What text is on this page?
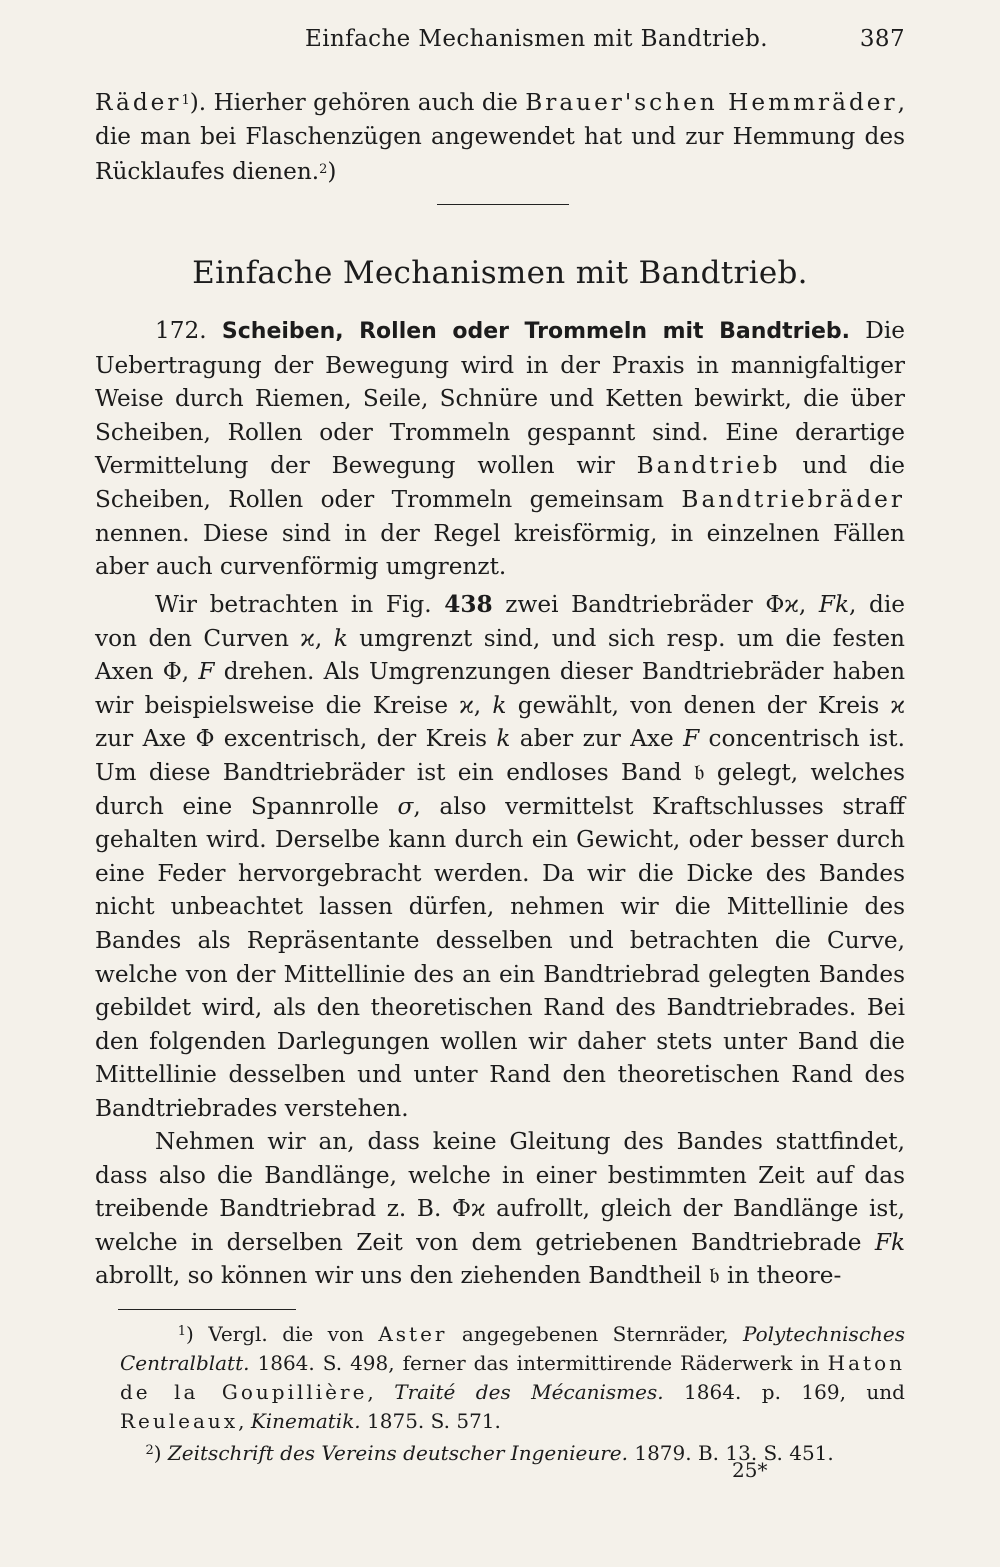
Einfache Mechanismen mit Bandtrieb.	387
Räder$^1$). Hierher gehören auch die Brauer'schen Hemmräder, die man bei Flaschenzügen angewendet hat und zur Hemmung des Rücklaufes dienen.$^2$)
Einfache Mechanismen mit Bandtrieb.
172. Scheiben, Rollen oder Trommeln mit Bandtrieb. Die Uebertragung der Bewegung wird in der Praxis in mannigfaltiger Weise durch Riemen, Seile, Schnüre und Ketten bewirkt, die über Scheiben, Rollen oder Trommeln gespannt sind. Eine derartige Vermittelung der Bewegung wollen wir Bandtrieb und die Scheiben, Rollen oder Trommeln gemeinsam Bandtriebräder nennen. Diese sind in der Regel kreisförmig, in einzelnen Fällen aber auch curvenförmig umgrenzt.
Wir betrachten in Fig. 438 zwei Bandtriebräder Φϰ, Fk, die von den Curven ϰ, k umgrenzt sind, und sich resp. um die festen Axen Φ, F drehen. Als Umgrenzungen dieser Bandtriebräder haben wir beispielsweise die Kreise ϰ, k gewählt, von denen der Kreis ϰ zur Axe Φ excentrisch, der Kreis k aber zur Axe F concentrisch ist. Um diese Bandtriebräder ist ein endloses Band 𝔟 gelegt, welches durch eine Spannrolle σ, also vermittelst Kraftschlusses straff gehalten wird. Derselbe kann durch ein Gewicht, oder besser durch eine Feder hervorgebracht werden. Da wir die Dicke des Bandes nicht unbeachtet lassen dürfen, nehmen wir die Mittellinie des Bandes als Repräsentante desselben und betrachten die Curve, welche von der Mittellinie des an ein Bandtriebrad gelegten Bandes gebildet wird, als den theoretischen Rand des Bandtriebrades. Bei den folgenden Darlegungen wollen wir daher stets unter Band die Mittellinie desselben und unter Rand den theoretischen Rand des Bandtriebrades verstehen.
Nehmen wir an, dass keine Gleitung des Bandes stattfindet, dass also die Bandlänge, welche in einer bestimmten Zeit auf das treibende Bandtriebrad z. B. Φϰ aufrollt, gleich der Bandlänge ist, welche in derselben Zeit von dem getriebenen Bandtriebrade Fk abrollt, so können wir uns den ziehenden Bandtheil 𝔟 in theore-

$^1$) Vergl. die von Aster angegebenen Sternräder, Polytechnisches Centralblatt. 1864. S. 498, ferner das intermittirende Räderwerk in Haton de la Goupillière, Traité des Mécanismes. 1864. p. 169, und Reuleaux, Kinematik. 1875. S. 571.

$^2$) Zeitschrift des Vereins deutscher Ingenieure. 1879. B. 13. S. 451.

25*
